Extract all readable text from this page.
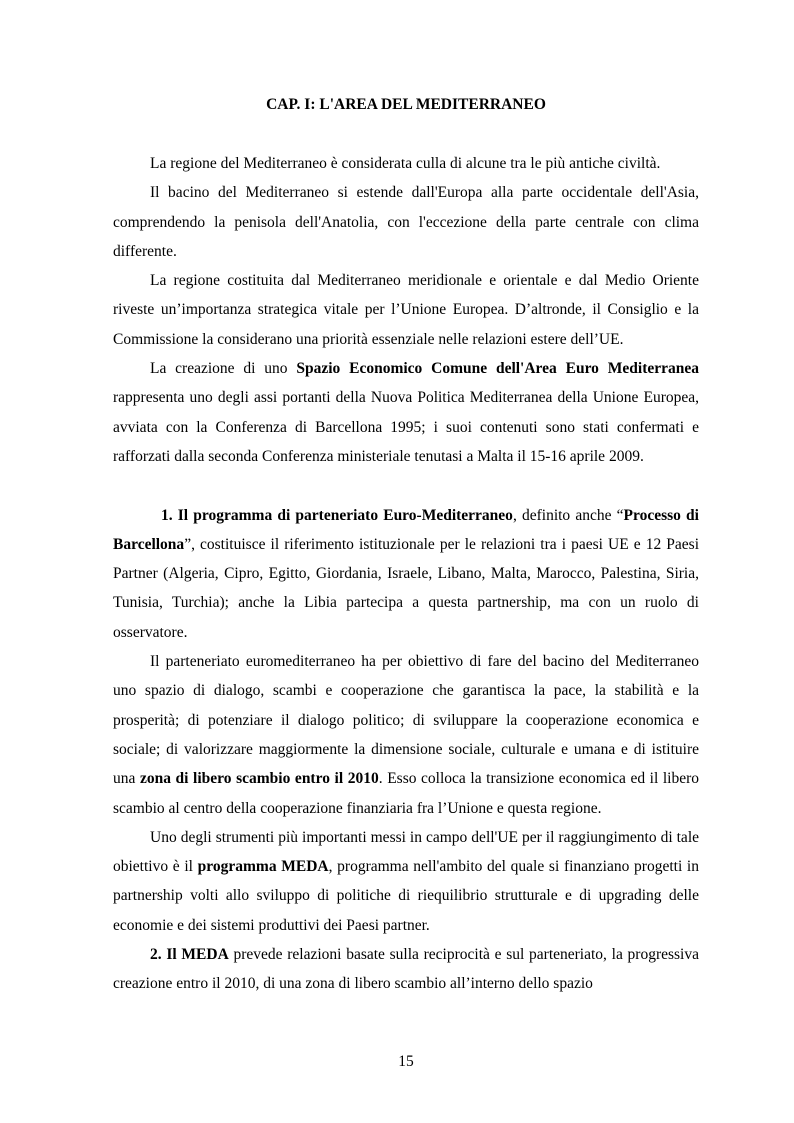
CAP. I: L'AREA DEL MEDITERRANEO

La regione del Mediterraneo è considerata culla di alcune tra le più antiche civiltà.

Il bacino del Mediterraneo si estende dall'Europa alla parte occidentale dell'Asia, comprendendo la penisola dell'Anatolia, con l'eccezione della parte centrale con clima differente.

La regione costituita dal Mediterraneo meridionale e orientale e dal Medio Oriente riveste un’importanza strategica vitale per l’Unione Europea. D’altronde, il Consiglio e la Commissione la considerano una priorità essenziale nelle relazioni estere dell’UE.

La creazione di uno Spazio Economico Comune dell'Area Euro Mediterranea rappresenta uno degli assi portanti della Nuova Politica Mediterranea della Unione Europea, avviata con la Conferenza di Barcellona 1995; i suoi contenuti sono stati confermati e rafforzati dalla seconda Conferenza ministeriale tenutasi a Malta il 15-16 aprile 2009.

1. Il programma di parteneriato Euro-Mediterraneo, definito anche “Processo di Barcellona”, costituisce il riferimento istituzionale per le relazioni tra i paesi UE e 12 Paesi Partner (Algeria, Cipro, Egitto, Giordania, Israele, Libano, Malta, Marocco, Palestina, Siria, Tunisia, Turchia); anche la Libia partecipa a questa partnership, ma con un ruolo di osservatore.

Il parteneriato euromediterraneo ha per obiettivo di fare del bacino del Mediterraneo uno spazio di dialogo, scambi e cooperazione che garantisca la pace, la stabilità e la prosperità; di potenziare il dialogo politico; di sviluppare la cooperazione economica e sociale; di valorizzare maggiormente la dimensione sociale, culturale e umana e di istituire una zona di libero scambio entro il 2010. Esso colloca la transizione economica ed il libero scambio al centro della cooperazione finanziaria fra l’Unione e questa regione.

Uno degli strumenti più importanti messi in campo dell'UE per il raggiungimento di tale obiettivo è il programma MEDA, programma nell'ambito del quale si finanziano progetti in partnership volti allo sviluppo di politiche di riequilibrio strutturale e di upgrading delle economie e dei sistemi produttivi dei Paesi partner.

2. Il MEDA prevede relazioni basate sulla reciprocità e sul parteneriato, la progressiva creazione entro il 2010, di una zona di libero scambio all’interno dello spazio

15
